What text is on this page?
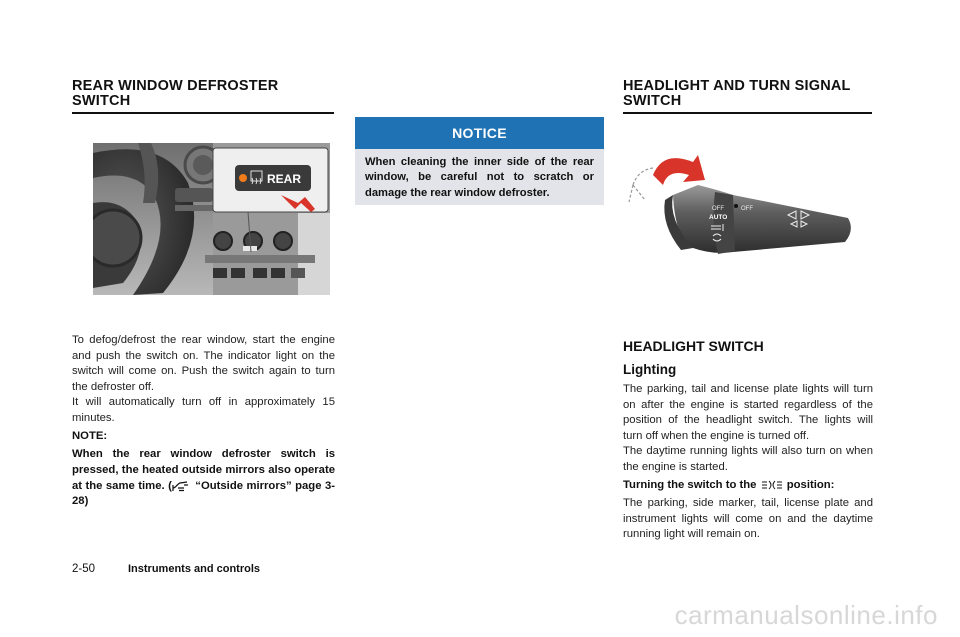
REAR WINDOW DEFROSTER
SWITCH
REAR

To defog/defrost the rear window, start the engine and push the switch on. The indicator light on the switch will come on. Push the switch again to turn the defroster off.

It will automatically turn off in approximately 15 minutes.

NOTE:

When the rear window defroster switch is pressed, the heated outside mirrors also operate at the same time. ( “Outside mirrors” page 3-28)

NOTICE

When cleaning the inner side of the rear window, be careful not to scratch or damage the rear window defroster.

HEADLIGHT AND TURN SIGNAL
SWITCH
OFF
AUTO
OFF
HEADLIGHT SWITCH
Lighting

The parking, tail and license plate lights will turn on after the engine is started regardless of the position of the headlight switch. The lights will turn off when the engine is turned off.

The daytime running lights will also turn on when the engine is started.

Turning the switch to the	position:

The parking, side marker, tail, license plate and instrument lights will come on and the daytime running light will remain on.

2-50	Instruments and controls
carmanualsonline.info
